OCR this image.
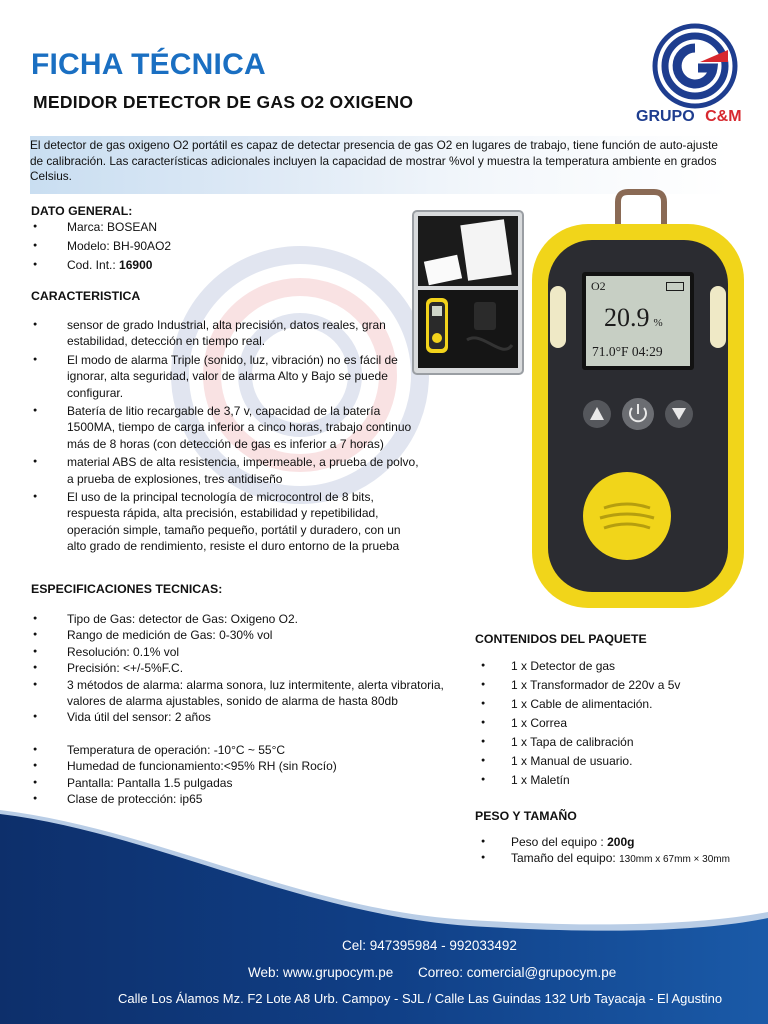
FICHA TÉCNICA
MEDIDOR DETECTOR DE GAS O2 OXIGENO
GRUPO C&M
El detector de gas oxigeno O2 portátil es capaz de detectar presencia de gas O2 en lugares de trabajo, tiene función de auto-ajuste de calibración. Las características adicionales incluyen la capacidad de mostrar %vol y muestra la temperatura ambiente en grados Celsius.
DATO GENERAL:
● Marca: BOSEAN
● Modelo: BH-90AO2
● Cod. Int.: 16900
CARACTERISTICA
● sensor de grado Industrial, alta precisión, datos reales, gran estabilidad, detección en tiempo real.
● El modo de alarma Triple (sonido, luz, vibración) no es fácil de ignorar, alta seguridad, valor de alarma Alto y Bajo se puede configurar.
● Batería de litio recargable de 3,7 v, capacidad de la batería 1500MA, tiempo de carga inferior a cinco horas, trabajo continuo más de 8 horas (con detección de gas es inferior a 7 horas)
● material ABS de alta resistencia, impermeable, a prueba de polvo, a prueba de explosiones, tres antidiseño
● El uso de la principal tecnología de microcontrol de 8 bits, respuesta rápida, alta precisión, estabilidad y repetibilidad, operación simple, tamaño pequeño, portátil y duradero, con un alto grado de rendimiento, resiste el duro entorno de la prueba
ESPECIFICACIONES TECNICAS:
● Tipo de Gas: detector de Gas: Oxigeno O2.
● Rango de medición de Gas: 0-30% vol
● Resolución: 0.1% vol
● Precisión: <+/-5%F.C.
● 3 métodos de alarma: alarma sonora, luz intermitente, alerta vibratoria, valores de alarma ajustables, sonido de alarma de hasta 80db
● Vida útil del sensor: 2 años
● Temperatura de operación: -10°C ~ 55°C
● Humedad de funcionamiento:<95% RH (sin Rocío)
● Pantalla: Pantalla 1.5 pulgadas
● Clase de protección: ip65
O2
20.9 %
71.0°F 04:29
CONTENIDOS DEL PAQUETE
● 1 x Detector de gas
● 1 x Transformador de 220v a 5v
● 1 x Cable de alimentación.
● 1 x Correa
● 1 x Tapa de calibración
● 1 x Manual de usuario.
● 1 x Maletín
PESO Y TAMAÑO
● Peso del equipo : 200g
● Tamaño del equipo: 130mm x 67mm × 30mm
Cel: 947395984 - 992033492
Web: www.grupocym.pe Correo: comercial@grupocym.pe
Calle Los Álamos Mz. F2 Lote A8 Urb. Campoy - SJL / Calle Las Guindas 132 Urb Tayacaja - El Agustino
